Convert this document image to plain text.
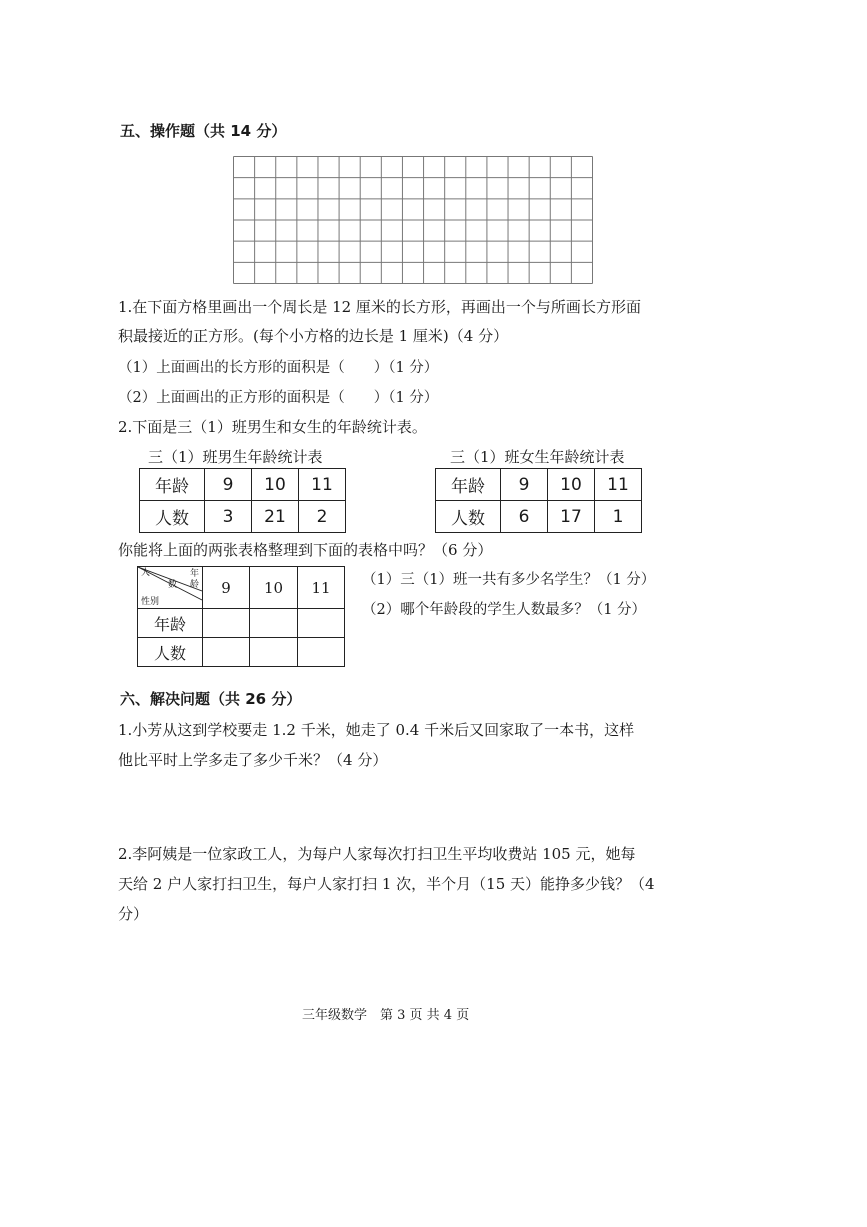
五、操作题（共 14 分）
1.在下面方格里画出一个周长是 12 厘米的长方形，再画出一个与所画长方形面
积最接近的正方形。(每个小方格的边长是 1 厘米)（4 分）
（1）上面画出的长方形的面积是（　　）（1 分）
（2）上面画出的正方形的面积是（　　）（1 分）
2.下面是三（1）班男生和女生的年龄统计表。
三（1）班男生年龄统计表
年龄	9	10	11
人数	3	21	2
三（1）班女生年龄统计表
年龄	9	10	11
人数	6	17	1
你能将上面的两张表格整理到下面的表格中吗？（6 分）
人 年
数 龄
性别	9	10	11
年龄			
人数			
（1）三（1）班一共有多少名学生？（1 分）
（2）哪个年龄段的学生人数最多？（1 分）
六、解决问题（共 26 分）
1.小芳从这到学校要走 1.2 千米，她走了 0.4 千米后又回家取了一本书，这样
他比平时上学多走了多少千米？（4 分）
2.李阿姨是一位家政工人，为每户人家每次打扫卫生平均收费站 105 元，她每
天给 2 户人家打扫卫生，每户人家打扫 1 次，半个月（15 天）能挣多少钱？（4
分）
三年级数学　第 3 页 共 4 页
